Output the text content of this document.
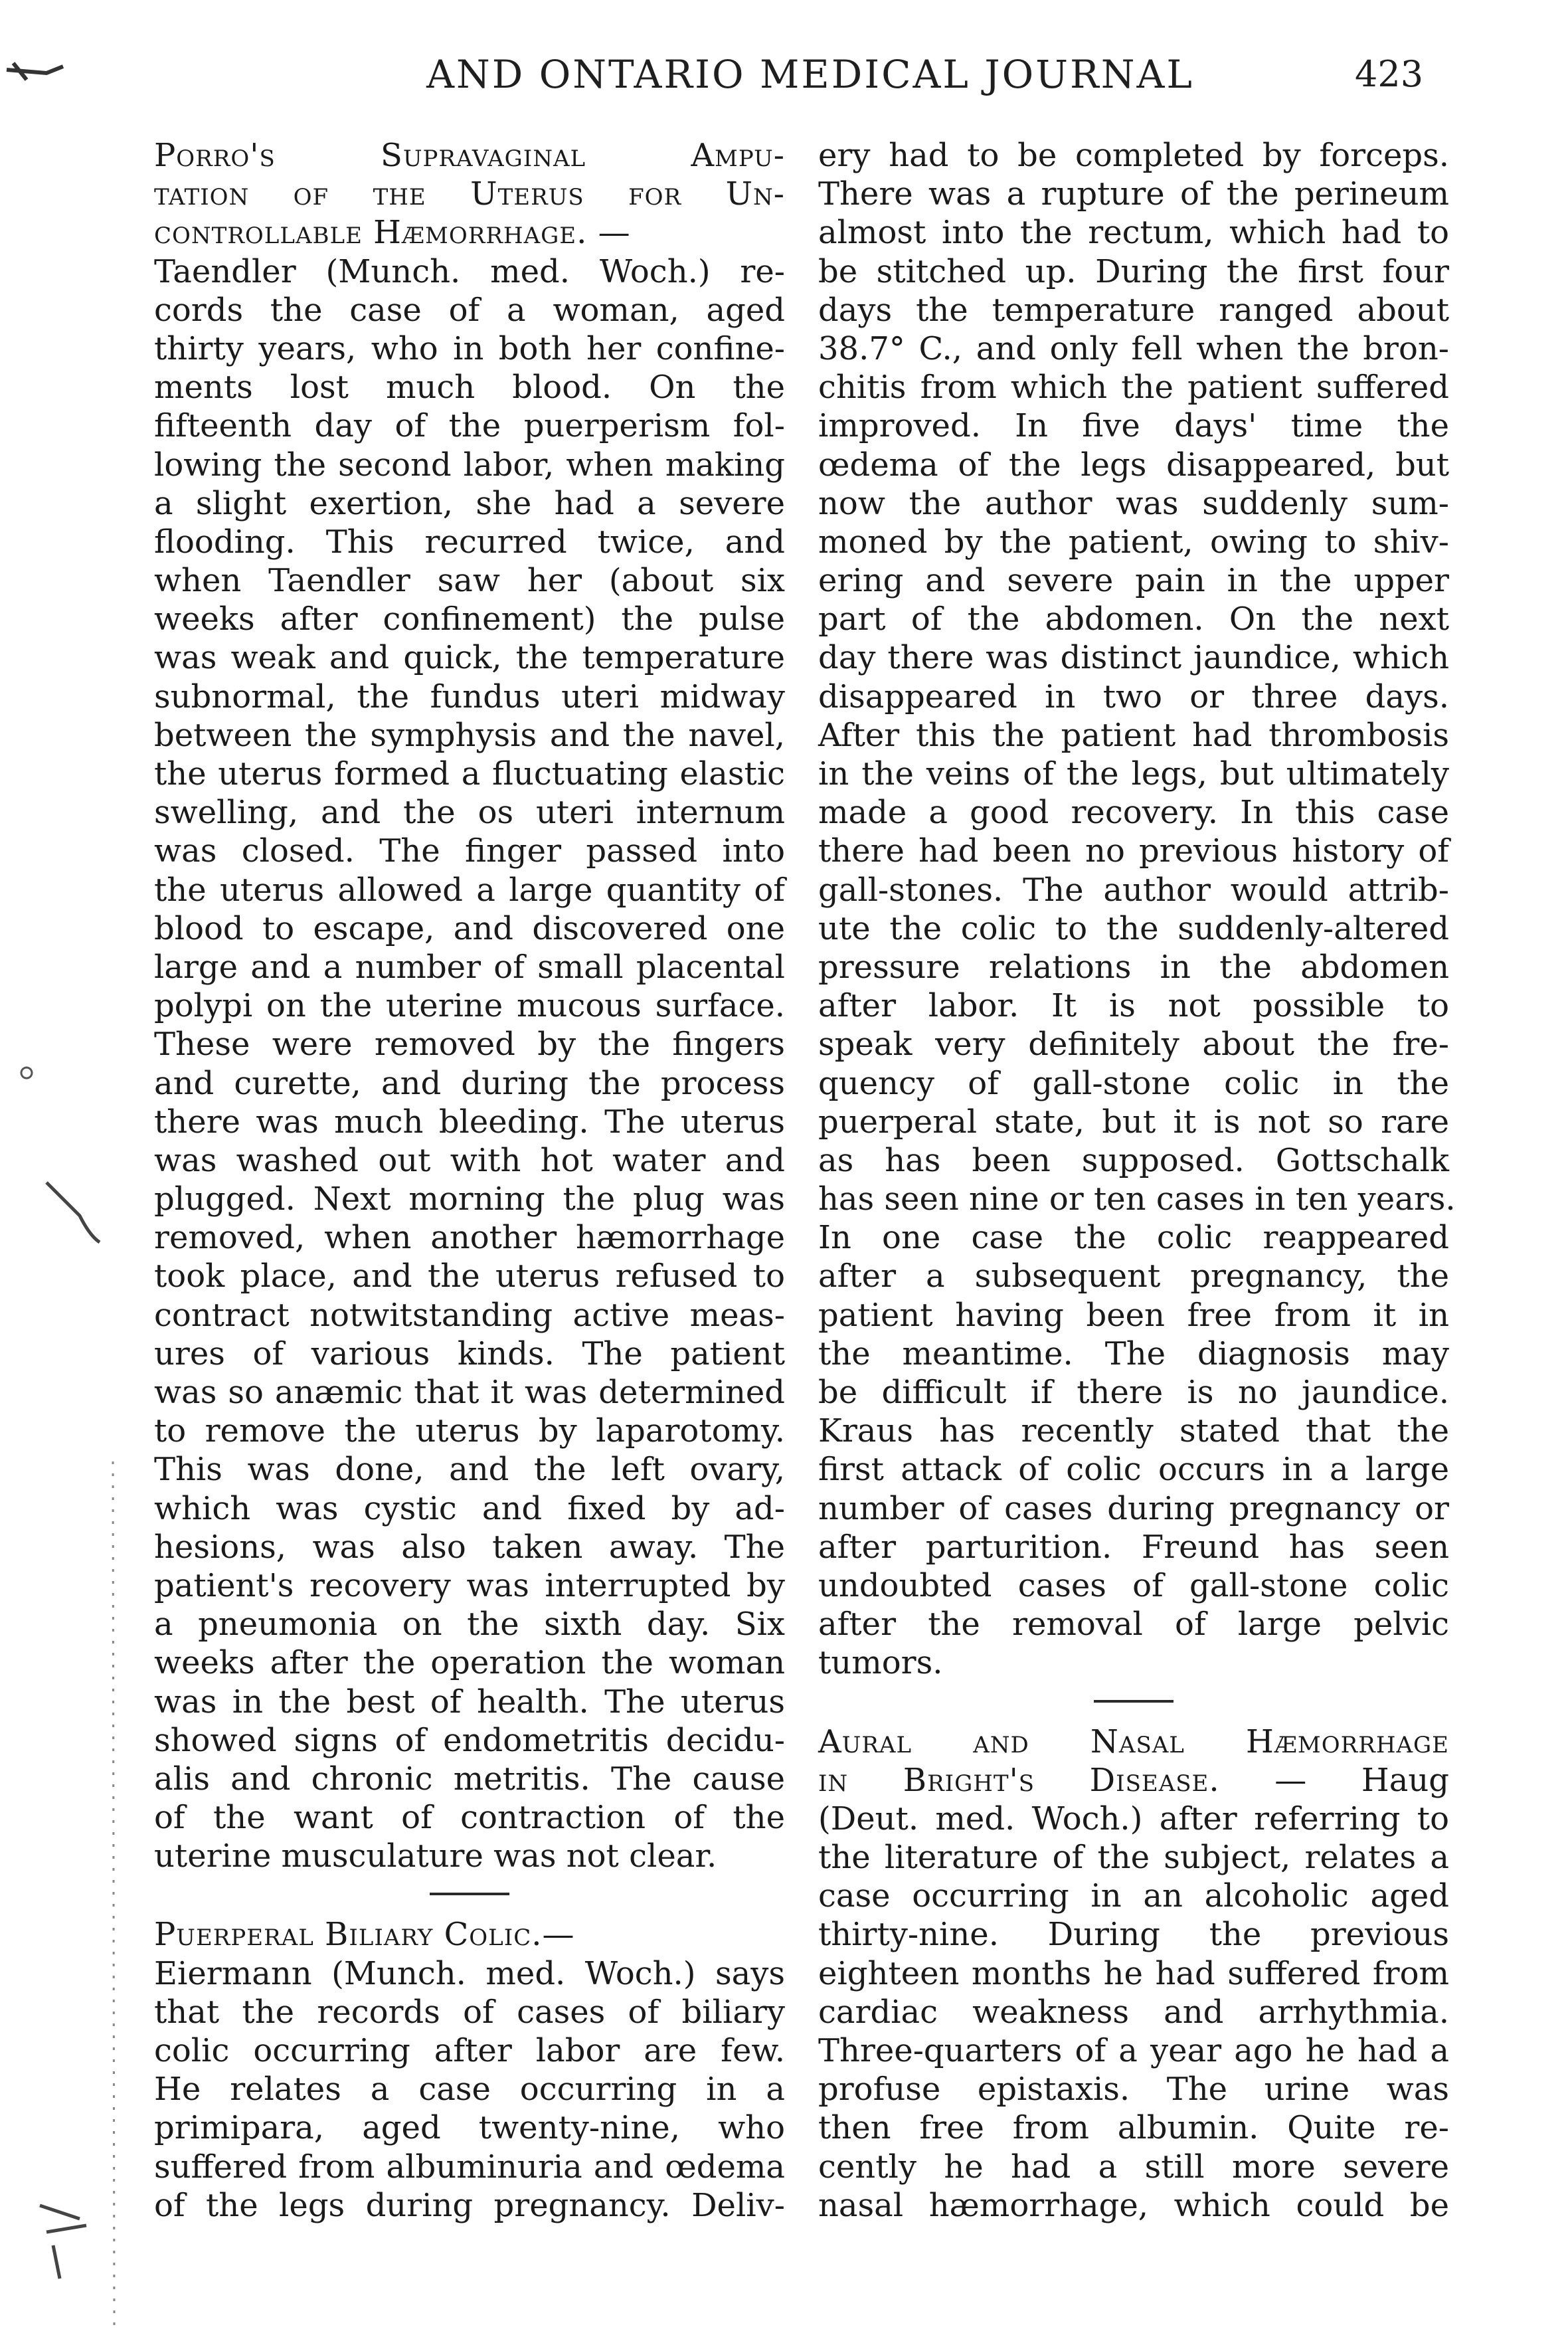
AND ONTARIO MEDICAL JOURNAL	423
Porro's Supravaginal Ampu-
tation of the Uterus for Un-
controllable Hæmorrhage. —
Taendler (Munch. med. Woch.) re-
cords the case of a woman, aged
thirty years, who in both her confine-
ments lost much blood. On the
fifteenth day of the puerperism fol-
lowing the second labor, when making
a slight exertion, she had a severe
flooding. This recurred twice, and
when Taendler saw her (about six
weeks after confinement) the pulse
was weak and quick, the temperature
subnormal, the fundus uteri midway
between the symphysis and the navel,
the uterus formed a fluctuating elastic
swelling, and the os uteri internum
was closed. The finger passed into
the uterus allowed a large quantity of
blood to escape, and discovered one
large and a number of small placental
polypi on the uterine mucous surface.
These were removed by the fingers
and curette, and during the process
there was much bleeding. The uterus
was washed out with hot water and
plugged. Next morning the plug was
removed, when another hæmorrhage
took place, and the uterus refused to
contract notwitstanding active meas-
ures of various kinds. The patient
was so anæmic that it was determined
to remove the uterus by laparotomy.
This was done, and the left ovary,
which was cystic and fixed by ad-
hesions, was also taken away. The
patient's recovery was interrupted by
a pneumonia on the sixth day. Six
weeks after the operation the woman
was in the best of health. The uterus
showed signs of endometritis decidu-
alis and chronic metritis. The cause
of the want of contraction of the
uterine musculature was not clear.
Puerperal Biliary Colic.—
Eiermann (Munch. med. Woch.) says
that the records of cases of biliary
colic occurring after labor are few.
He relates a case occurring in a
primipara, aged twenty-nine, who
suffered from albuminuria and œdema
of the legs during pregnancy. Deliv-
ery had to be completed by forceps.
There was a rupture of the perineum
almost into the rectum, which had to
be stitched up. During the first four
days the temperature ranged about
38.7° C., and only fell when the bron-
chitis from which the patient suffered
improved. In five days' time the
œdema of the legs disappeared, but
now the author was suddenly sum-
moned by the patient, owing to shiv-
ering and severe pain in the upper
part of the abdomen. On the next
day there was distinct jaundice, which
disappeared in two or three days.
After this the patient had thrombosis
in the veins of the legs, but ultimately
made a good recovery. In this case
there had been no previous history of
gall-stones. The author would attrib-
ute the colic to the suddenly-altered
pressure relations in the abdomen
after labor. It is not possible to
speak very definitely about the fre-
quency of gall-stone colic in the
puerperal state, but it is not so rare
as has been supposed. Gottschalk
has seen nine or ten cases in ten years.
In one case the colic reappeared
after a subsequent pregnancy, the
patient having been free from it in
the meantime. The diagnosis may
be difficult if there is no jaundice.
Kraus has recently stated that the
first attack of colic occurs in a large
number of cases during pregnancy or
after parturition. Freund has seen
undoubted cases of gall-stone colic
after the removal of large pelvic
tumors.
Aural and Nasal Hæmorrhage
in Bright's Disease. — Haug
(Deut. med. Woch.) after referring to
the literature of the subject, relates a
case occurring in an alcoholic aged
thirty-nine. During the previous
eighteen months he had suffered from
cardiac weakness and arrhythmia.
Three-quarters of a year ago he had a
profuse epistaxis. The urine was
then free from albumin. Quite re-
cently he had a still more severe
nasal hæmorrhage, which could be
